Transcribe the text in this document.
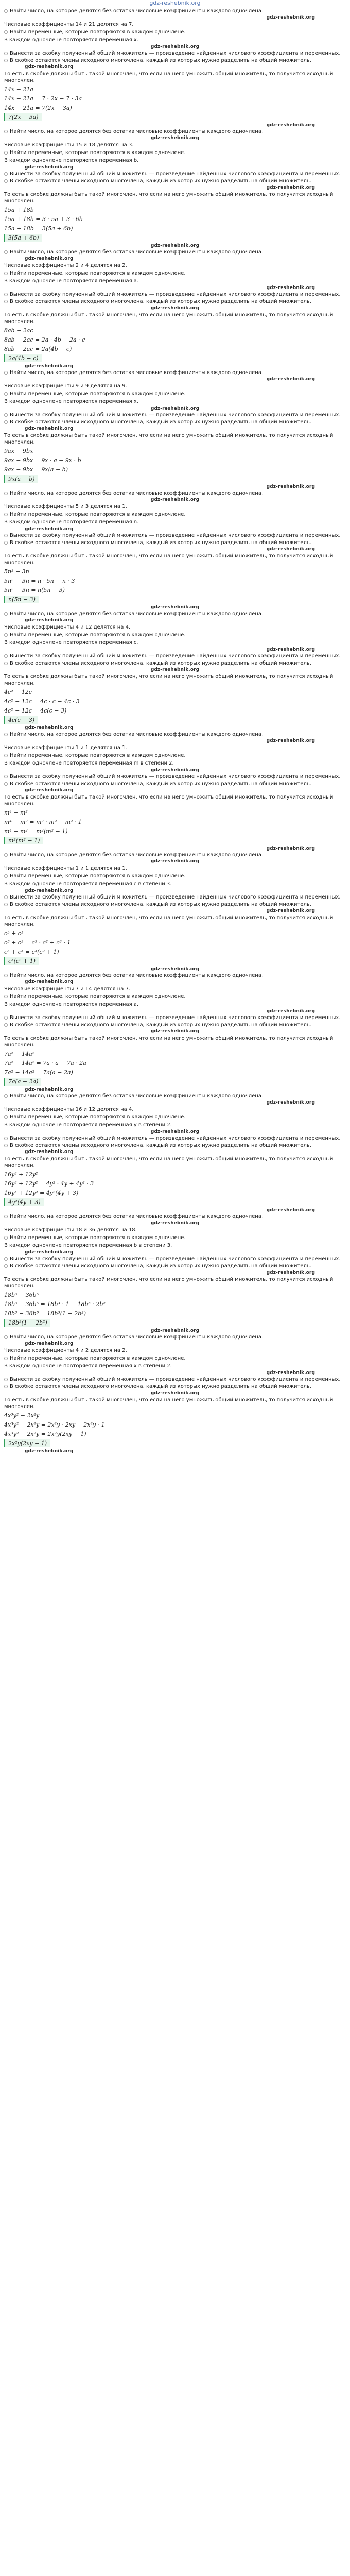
gdz-reshebnik.org
Найти число, на которое делятся без остатка числовые коэффициенты каждого одночлена.
gdz-reshebnik.org
Числовые коэффициенты 14 и 21 делятся на 7.
Найти переменные, которые повторяются в каждом одночлене.
В каждом одночлене повторяется переменная x.
gdz-reshebnik.org
Вынести за скобку полученный общий множитель — произведение найденных числового коэффициента и переменных.
В скобке остаются члены исходного многочлена, каждый из которых нужно разделить на общий множитель.
gdz-reshebnik.org
То есть в скобке должны быть такой многочлен, что если на него умножить общий множитель, то получится исходный многочлен.
14x − 21a
14x − 21a = 7 · 2x − 7 · 3a
14x − 21a = 7(2x − 3a)
7(2x − 3a)
gdz-reshebnik.org
Найти число, на которое делятся без остатка числовые коэффициенты каждого одночлена.
gdz-reshebnik.org
Числовые коэффициенты 15 и 18 делятся на 3.
Найти переменные, которые повторяются в каждом одночлене.
В каждом одночлене повторяется переменная b.
gdz-reshebnik.org
Вынести за скобку полученный общий множитель — произведение найденных числового коэффициента и переменных.
В скобке остаются члены исходного многочлена, каждый из которых нужно разделить на общий множитель.
gdz-reshebnik.org
То есть в скобке должны быть такой многочлен, что если на него умножить общий множитель, то получится исходный многочлен.
15a + 18b
15a + 18b = 3 · 5a + 3 · 6b
15a + 18b = 3(5a + 6b)
3(5a + 6b)
gdz-reshebnik.org
Найти число, на которое делятся без остатка числовые коэффициенты каждого одночлена.
gdz-reshebnik.org
Числовые коэффициенты 2 и 4 делятся на 2.
Найти переменные, которые повторяются в каждом одночлене.
В каждом одночлене повторяется переменная a.
gdz-reshebnik.org
Вынести за скобку полученный общий множитель — произведение найденных числового коэффициента и переменных.
В скобке остаются члены исходного многочлена, каждый из которых нужно разделить на общий множитель.
gdz-reshebnik.org
То есть в скобке должны быть такой многочлен, что если на него умножить общий множитель, то получится исходный многочлен.
8ab − 2ac
8ab − 2ac = 2a · 4b − 2a · c
8ab − 2ac = 2a(4b − c)
2a(4b − c)
gdz-reshebnik.org
Найти число, на которое делятся без остатка числовые коэффициенты каждого одночлена.
gdz-reshebnik.org
Числовые коэффициенты 9 и 9 делятся на 9.
Найти переменные, которые повторяются в каждом одночлене.
В каждом одночлене повторяется переменная x.
gdz-reshebnik.org
Вынести за скобку полученный общий множитель — произведение найденных числового коэффициента и переменных.
В скобке остаются члены исходного многочлена, каждый из которых нужно разделить на общий множитель.
gdz-reshebnik.org
То есть в скобке должны быть такой многочлен, что если на него умножить общий множитель, то получится исходный многочлен.
9ax − 9bx
9ax − 9bx = 9x · a − 9x · b
9ax − 9bx = 9x(a − b)
9x(a − b)
gdz-reshebnik.org
Найти число, на которое делятся без остатка числовые коэффициенты каждого одночлена.
gdz-reshebnik.org
Числовые коэффициенты 5 и 3 делятся на 1.
Найти переменные, которые повторяются в каждом одночлене.
В каждом одночлене повторяется переменная n.
gdz-reshebnik.org
Вынести за скобку полученный общий множитель — произведение найденных числового коэффициента и переменных.
В скобке остаются члены исходного многочлена, каждый из которых нужно разделить на общий множитель.
gdz-reshebnik.org
То есть в скобке должны быть такой многочлен, что если на него умножить общий множитель, то получится исходный многочлен.
5n² − 3n
5n² − 3n = n · 5n − n · 3
5n² − 3n = n(5n − 3)
n(5n − 3)
gdz-reshebnik.org
Найти число, на которое делятся без остатка числовые коэффициенты каждого одночлена.
gdz-reshebnik.org
Числовые коэффициенты 4 и 12 делятся на 4.
Найти переменные, которые повторяются в каждом одночлене.
В каждом одночлене повторяется переменная c.
gdz-reshebnik.org
Вынести за скобку полученный общий множитель — произведение найденных числового коэффициента и переменных.
В скобке остаются члены исходного многочлена, каждый из которых нужно разделить на общий множитель.
gdz-reshebnik.org
То есть в скобке должны быть такой многочлен, что если на него умножить общий множитель, то получится исходный многочлен.
4c² − 12c
4c² − 12c = 4c · c − 4c · 3
4c² − 12c = 4c(c − 3)
4c(c − 3)
gdz-reshebnik.org
Найти число, на которое делятся без остатка числовые коэффициенты каждого одночлена.
gdz-reshebnik.org
Числовые коэффициенты 1 и 1 делятся на 1.
Найти переменные, которые повторяются в каждом одночлене.
В каждом одночлене повторяется переменная m в степени 2.
gdz-reshebnik.org
Вынести за скобку полученный общий множитель — произведение найденных числового коэффициента и переменных.
В скобке остаются члены исходного многочлена, каждый из которых нужно разделить на общий множитель.
gdz-reshebnik.org
То есть в скобке должны быть такой многочлен, что если на него умножить общий множитель, то получится исходный многочлен.
m⁴ − m²
m⁴ − m² = m² · m² − m² · 1
m⁴ − m² = m²(m² − 1)
m²(m² − 1)
gdz-reshebnik.org
Найти число, на которое делятся без остатка числовые коэффициенты каждого одночлена.
gdz-reshebnik.org
Числовые коэффициенты 1 и 1 делятся на 1.
Найти переменные, которые повторяются в каждом одночлене.
В каждом одночлене повторяется переменная c в степени 3.
gdz-reshebnik.org
Вынести за скобку полученный общий множитель — произведение найденных числового коэффициента и переменных.
В скобке остаются члены исходного многочлена, каждый из которых нужно разделить на общий множитель.
gdz-reshebnik.org
То есть в скобке должны быть такой многочлен, что если на него умножить общий множитель, то получится исходный многочлен.
c⁵ + c³
c⁵ + c³ = c³ · c² + c³ · 1
c⁵ + c³ = c³(c² + 1)
c³(c² + 1)
gdz-reshebnik.org
Найти число, на которое делятся без остатка числовые коэффициенты каждого одночлена.
gdz-reshebnik.org
Числовые коэффициенты 7 и 14 делятся на 7.
Найти переменные, которые повторяются в каждом одночлене.
В каждом одночлене повторяется переменная a.
gdz-reshebnik.org
Вынести за скобку полученный общий множитель — произведение найденных числового коэффициента и переменных.
В скобке остаются члены исходного многочлена, каждый из которых нужно разделить на общий множитель.
gdz-reshebnik.org
То есть в скобке должны быть такой многочлен, что если на него умножить общий множитель, то получится исходный многочлен.
7a² − 14a²
7a² − 14a² = 7a · a − 7a · 2a
7a² − 14a² = 7a(a − 2a)
7a(a − 2a)
gdz-reshebnik.org
Найти число, на которое делятся без остатка числовые коэффициенты каждого одночлена.
gdz-reshebnik.org
Числовые коэффициенты 16 и 12 делятся на 4.
Найти переменные, которые повторяются в каждом одночлене.
В каждом одночлене повторяется переменная y в степени 2.
gdz-reshebnik.org
Вынести за скобку полученный общий множитель — произведение найденных числового коэффициента и переменных.
В скобке остаются члены исходного многочлена, каждый из которых нужно разделить на общий множитель.
gdz-reshebnik.org
То есть в скобке должны быть такой многочлен, что если на него умножить общий множитель, то получится исходный многочлен.
16y³ + 12y²
16y³ + 12y² = 4y² · 4y + 4y² · 3
16y³ + 12y² = 4y²(4y + 3)
4y²(4y + 3)
gdz-reshebnik.org
Найти число, на которое делятся без остатка числовые коэффициенты каждого одночлена.
gdz-reshebnik.org
Числовые коэффициенты 18 и 36 делятся на 18.
Найти переменные, которые повторяются в каждом одночлене.
В каждом одночлене повторяется переменная b в степени 3.
gdz-reshebnik.org
Вынести за скобку полученный общий множитель — произведение найденных числового коэффициента и переменных.
В скобке остаются члены исходного многочлена, каждый из которых нужно разделить на общий множитель.
gdz-reshebnik.org
То есть в скобке должны быть такой многочлен, что если на него умножить общий множитель, то получится исходный многочлен.
18b³ − 36b⁵
18b³ − 36b⁵ = 18b³ · 1 − 18b³ · 2b²
18b³ − 36b⁵ = 18b³(1 − 2b²)
18b³(1 − 2b²)
gdz-reshebnik.org
Найти число, на которое делятся без остатка числовые коэффициенты каждого одночлена.
gdz-reshebnik.org
Числовые коэффициенты 4 и 2 делятся на 2.
Найти переменные, которые повторяются в каждом одночлене.
В каждом одночлене повторяется переменная x в степени 2.
gdz-reshebnik.org
Вынести за скобку полученный общий множитель — произведение найденных числового коэффициента и переменных.
В скобке остаются члены исходного многочлена, каждый из которых нужно разделить на общий множитель.
gdz-reshebnik.org
То есть в скобке должны быть такой многочлен, что если на него умножить общий множитель, то получится исходный многочлен.
4x³y² − 2x²y
4x³y² − 2x²y = 2x²y · 2xy − 2x²y · 1
4x³y² − 2x²y = 2x²y(2xy − 1)
2x²y(2xy − 1)
gdz-reshebnik.org
